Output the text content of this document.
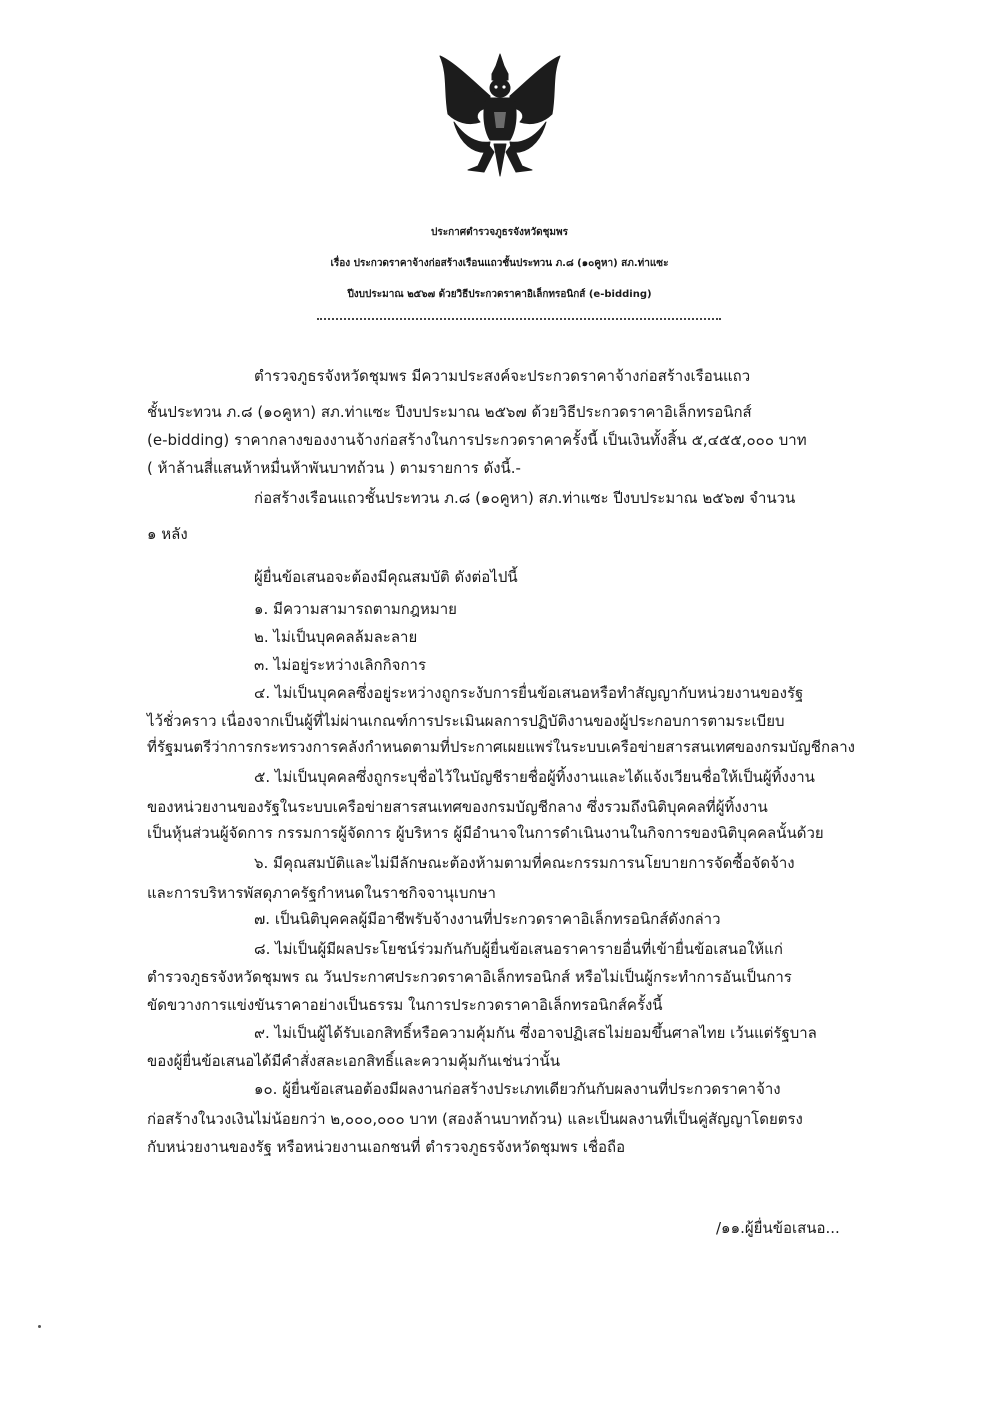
ประกาศตำรวจภูธรจังหวัดชุมพร
เรื่อง ประกวดราคาจ้างก่อสร้างเรือนแถวชั้นประทวน ภ.๘ (๑๐คูหา) สภ.ท่าแซะ
ปีงบประมาณ ๒๕๖๗ ด้วยวิธีประกวดราคาอิเล็กทรอนิกส์ (e-bidding)
ตำรวจภูธรจังหวัดชุมพร มีความประสงค์จะประกวดราคาจ้างก่อสร้างเรือนแถว
ชั้นประทวน ภ.๘ (๑๐คูหา) สภ.ท่าแซะ ปีงบประมาณ ๒๕๖๗ ด้วยวิธีประกวดราคาอิเล็กทรอนิกส์
(e-bidding) ราคากลางของงานจ้างก่อสร้างในการประกวดราคาครั้งนี้ เป็นเงินทั้งสิ้น ๕,๔๕๕,๐๐๐ บาท
( ห้าล้านสี่แสนห้าหมื่นห้าพันบาทถ้วน ) ตามรายการ ดังนี้.-
ก่อสร้างเรือนแถวชั้นประทวน ภ.๘ (๑๐คูหา) สภ.ท่าแซะ ปีงบประมาณ ๒๕๖๗ จำนวน
๑ หลัง
ผู้ยื่นข้อเสนอจะต้องมีคุณสมบัติ ดังต่อไปนี้
๑. มีความสามารถตามกฎหมาย
๒. ไม่เป็นบุคคลล้มละลาย
๓. ไม่อยู่ระหว่างเลิกกิจการ
๔. ไม่เป็นบุคคลซึ่งอยู่ระหว่างถูกระงับการยื่นข้อเสนอหรือทำสัญญากับหน่วยงานของรัฐ
ไว้ชั่วคราว เนื่องจากเป็นผู้ที่ไม่ผ่านเกณฑ์การประเมินผลการปฏิบัติงานของผู้ประกอบการตามระเบียบ
ที่รัฐมนตรีว่าการกระทรวงการคลังกำหนดตามที่ประกาศเผยแพร่ในระบบเครือข่ายสารสนเทศของกรมบัญชีกลาง
๕. ไม่เป็นบุคคลซึ่งถูกระบุชื่อไว้ในบัญชีรายชื่อผู้ทิ้งงานและได้แจ้งเวียนชื่อให้เป็นผู้ทิ้งงาน
ของหน่วยงานของรัฐในระบบเครือข่ายสารสนเทศของกรมบัญชีกลาง ซึ่งรวมถึงนิติบุคคลที่ผู้ทิ้งงาน
เป็นหุ้นส่วนผู้จัดการ กรรมการผู้จัดการ ผู้บริหาร ผู้มีอำนาจในการดำเนินงานในกิจการของนิติบุคคลนั้นด้วย
๖. มีคุณสมบัติและไม่มีลักษณะต้องห้ามตามที่คณะกรรมการนโยบายการจัดซื้อจัดจ้าง
และการบริหารพัสดุภาครัฐกำหนดในราชกิจจานุเบกษา
๗. เป็นนิติบุคคลผู้มีอาชีพรับจ้างงานที่ประกวดราคาอิเล็กทรอนิกส์ดังกล่าว
๘. ไม่เป็นผู้มีผลประโยชน์ร่วมกันกับผู้ยื่นข้อเสนอราคารายอื่นที่เข้ายื่นข้อเสนอให้แก่
ตำรวจภูธรจังหวัดชุมพร ณ วันประกาศประกวดราคาอิเล็กทรอนิกส์ หรือไม่เป็นผู้กระทำการอันเป็นการ
ขัดขวางการแข่งขันราคาอย่างเป็นธรรม ในการประกวดราคาอิเล็กทรอนิกส์ครั้งนี้
๙. ไม่เป็นผู้ได้รับเอกสิทธิ์หรือความคุ้มกัน ซึ่งอาจปฏิเสธไม่ยอมขึ้นศาลไทย เว้นแต่รัฐบาล
ของผู้ยื่นข้อเสนอได้มีคำสั่งสละเอกสิทธิ์และความคุ้มกันเช่นว่านั้น
๑๐. ผู้ยื่นข้อเสนอต้องมีผลงานก่อสร้างประเภทเดียวกันกับผลงานที่ประกวดราคาจ้าง
ก่อสร้างในวงเงินไม่น้อยกว่า ๒,๐๐๐,๐๐๐ บาท (สองล้านบาทถ้วน) และเป็นผลงานที่เป็นคู่สัญญาโดยตรง
กับหน่วยงานของรัฐ หรือหน่วยงานเอกชนที่ ตำรวจภูธรจังหวัดชุมพร เชื่อถือ
/๑๑.ผู้ยื่นข้อเสนอ...
